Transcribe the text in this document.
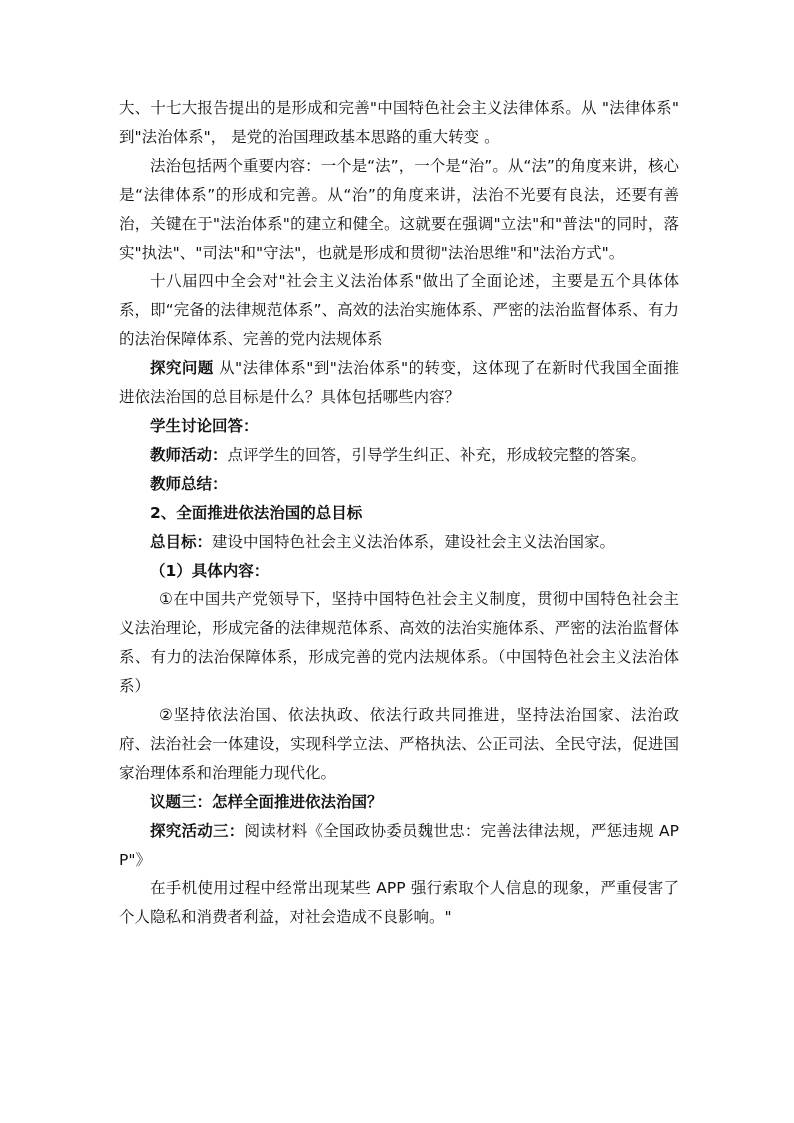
大、十七大报告提出的是形成和完善"中国特色社会主义法律体系。从 "法律体系" 到"法治体系"， 是党的治国理政基本思路的重大转变 。

法治包括两个重要内容：一个是“法”，一个是“治”。从“法”的角度来讲，核心是“法律体系”的形成和完善。从“治”的角度来讲，法治不光要有良法，还要有善治，关键在于"法治体系"的建立和健全。这就要在强调"立法"和"普法"的同时，落实"执法"、"司法"和"守法"，也就是形成和贯彻"法治思维"和"法治方式"。

十八届四中全会对"社会主义法治体系"做出了全面论述，主要是五个具体体系，即“完备的法律规范体系”、高效的法治实施体系、严密的法治监督体系、有力的法治保障体系、完善的党内法规体系

探究问题 从"法律体系"到"法治体系"的转变，这体现了在新时代我国全面推进依法治国的总目标是什么？具体包括哪些内容？

学生讨论回答：

教师活动：点评学生的回答，引导学生纠正、补充，形成较完整的答案。

教师总结：

2、全面推进依法治国的总目标

总目标：建设中国特色社会主义法治体系，建设社会主义法治国家。

（1）具体内容：

①在中国共产党领导下，坚持中国特色社会主义制度，贯彻中国特色社会主义法治理论，形成完备的法律规范体系、高效的法治实施体系、严密的法治监督体系、有力的法治保障体系，形成完善的党内法规体系。（中国特色社会主义法治体系）

②坚持依法治国、依法执政、依法行政共同推进，坚持法治国家、法治政府、法治社会一体建设，实现科学立法、严格执法、公正司法、全民守法，促进国家治理体系和治理能力现代化。

议题三：怎样全面推进依法治国？

探究活动三：阅读材料《全国政协委员魏世忠：完善法律法规，严惩违规 APP"》

在手机使用过程中经常出现某些 APP 强行索取个人信息的现象，严重侵害了个人隐私和消费者利益，对社会造成不良影响。"
